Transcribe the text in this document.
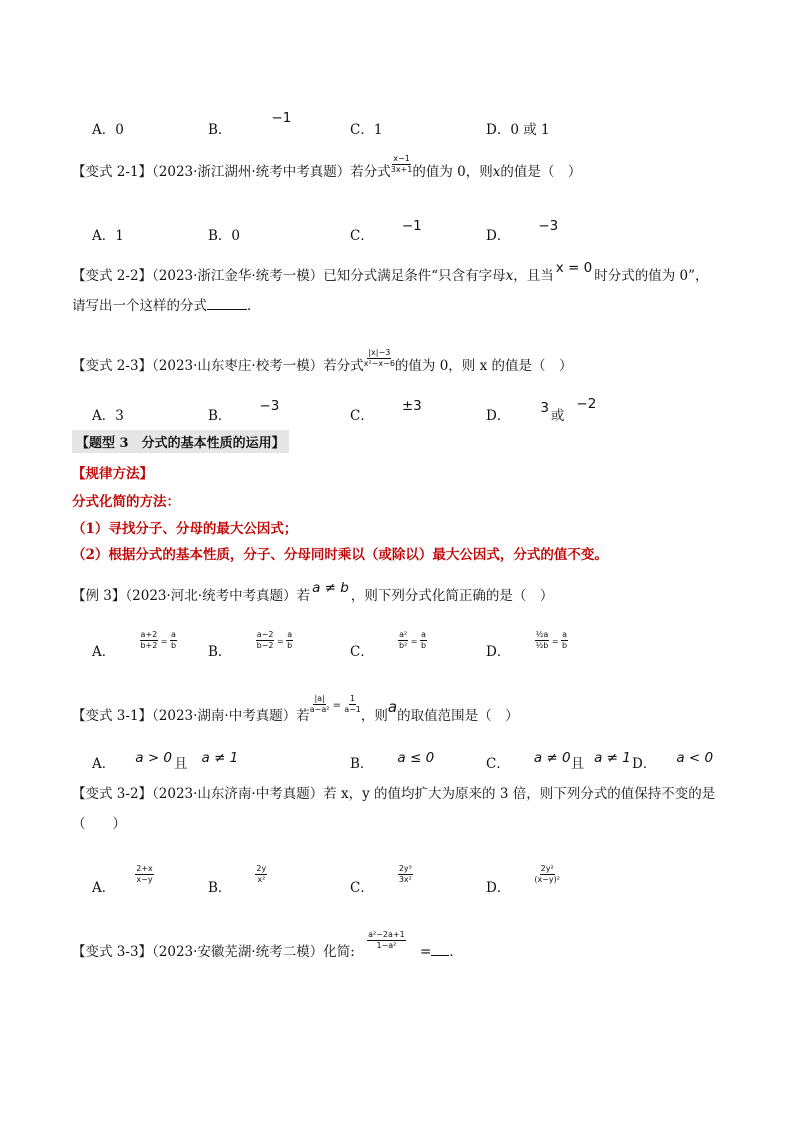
A．0	B．−1
C．1	D．0 或 1
【变式 2-1】（2023·浙江湖州·统考中考真题）若分式 $\frac{x-1}{3x+1}$ 的值为 0，则x的值是（　）
A．1	B．0	C．−1
D．−3
【变式 2-2】（2023·浙江金华·统考一模）已知分式满足条件“只含有字母x，且当 x = 0 时分式的值为 0”，
请写出一个这样的分式	．
【变式 2-3】（2023·山东枣庄·校考一模）若分式 $\frac{|x|-3}{\text{x²−x−6}}$ 的值为 0，则 x 的值是（　）
A．3	B．−3
C．±3
D． 3 或−2
【题型 3　分式的基本性质的运用】
【规律方法】
分式化简的方法：
（1）寻找分子、分母的最大公因式；
（2）根据分式的基本性质，分子、分母同时乘以（或除以）最大公因式，分式的值不变。
【例 3】（2023·河北·统考中考真题）若 a ≠ b ，则下列分式化简正确的是（　）
A．
$\frac{a+2}{b+2} = \frac{a}{b}$
B．
$\frac{a-2}{b-2} = \frac{a}{b}$
C．
$\frac{\text{a²}}{\text{b²}} = \frac{a}{b}$
D．
$\frac{\text{½a}}{\text{½b}} = \frac{a}{b}$
【变式 3-1】（2023·湖南·中考真题）若
$\frac{|a|}{\text{a−a²}} = \frac{1}{a-1}$
，则a的取值范围是（　）
A． a > 0 且 a ≠ 1	B． a ≤ 0	C． a ≠ 0且 a ≠ 1 D． a < 0
【变式 3-2】（2023·山东济南·中考真题）若 x，y 的值均扩大为原来的 3 倍，则下列分式的值保持不变的是
（　　）
A．
$\frac{2+x}{x-y}$
B．
$\frac{2y}{\text{x²}}$
C．
$\frac{\text{2y³}}{\text{3x²}}$
D．
$\frac{\text{2y²}}{\text{(x−y)²}}$
【变式 3-3】（2023·安徽芜湖·统考二模）化简:
$\frac{\text{a²−2a+1}}{\text{1−a²}}$
= ．
